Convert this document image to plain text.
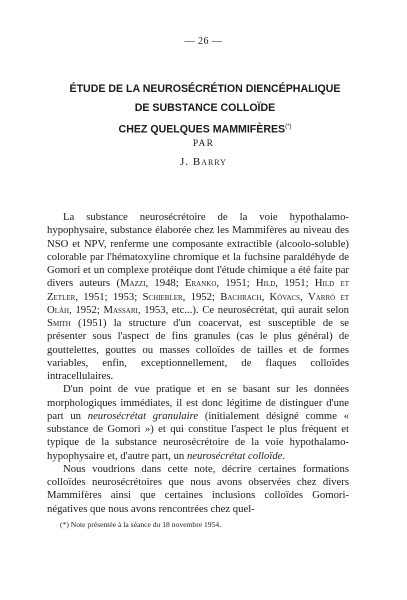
— 26 —
ÉTUDE DE LA NEUROSÉCRÉTION DIENCÉPHALIQUE
DE SUBSTANCE COLLOÏDE
CHEZ QUELQUES MAMMIFÈRES(*)
PAR
J. Barry

La substance neurosécrétoire de la voie hypothalamo-hypophysaire, substance élaborée chez les Mammifères au niveau des NSO et NPV, renferme une composante extractible (alcoolo-soluble) colorable par l'hématoxyline chromique et la fuchsine paraldéhyde de Gomori et un complexe protéique dont l'étude chimique a été faite par divers auteurs (Mazzi, 1948; Eranko, 1951; Hild, 1951; Hild et Zetler, 1951; 1953; Schiebler, 1952; Bachrach, Kövacs, Varró et Oláh, 1952; Massari, 1953, etc...). Ce neurosécrétat, qui aurait selon Smith (1951) la structure d'un coacervat, est susceptible de se présenter sous l'aspect de fins granules (cas le plus général) de gouttelettes, gouttes ou masses colloïdes de tailles et de formes variables, enfin, exceptionnellement, de flaques colloïdes intracellulaires.

D'un point de vue pratique et en se basant sur les données morphologiques immédiates, il est donc légitime de distinguer d'une part un neurosécrétat granulaire (initialement désigné comme « substance de Gomori ») et qui constitue l'aspect le plus fréquent et typique de la substance neurosécrétoire de la voie hypothalamo-hypophysaire et, d'autre part, un neurosécrétat colloïde.

Nous voudrions dans cette note, décrire certaines formations colloïdes neurosécrétoires que nous avons observées chez divers Mammifères ainsi que certaines inclusions colloïdes Gomori-négatives que nous avons rencontrées chez quel-

(*) Note présentée à la séance du 18 novembre 1954.
